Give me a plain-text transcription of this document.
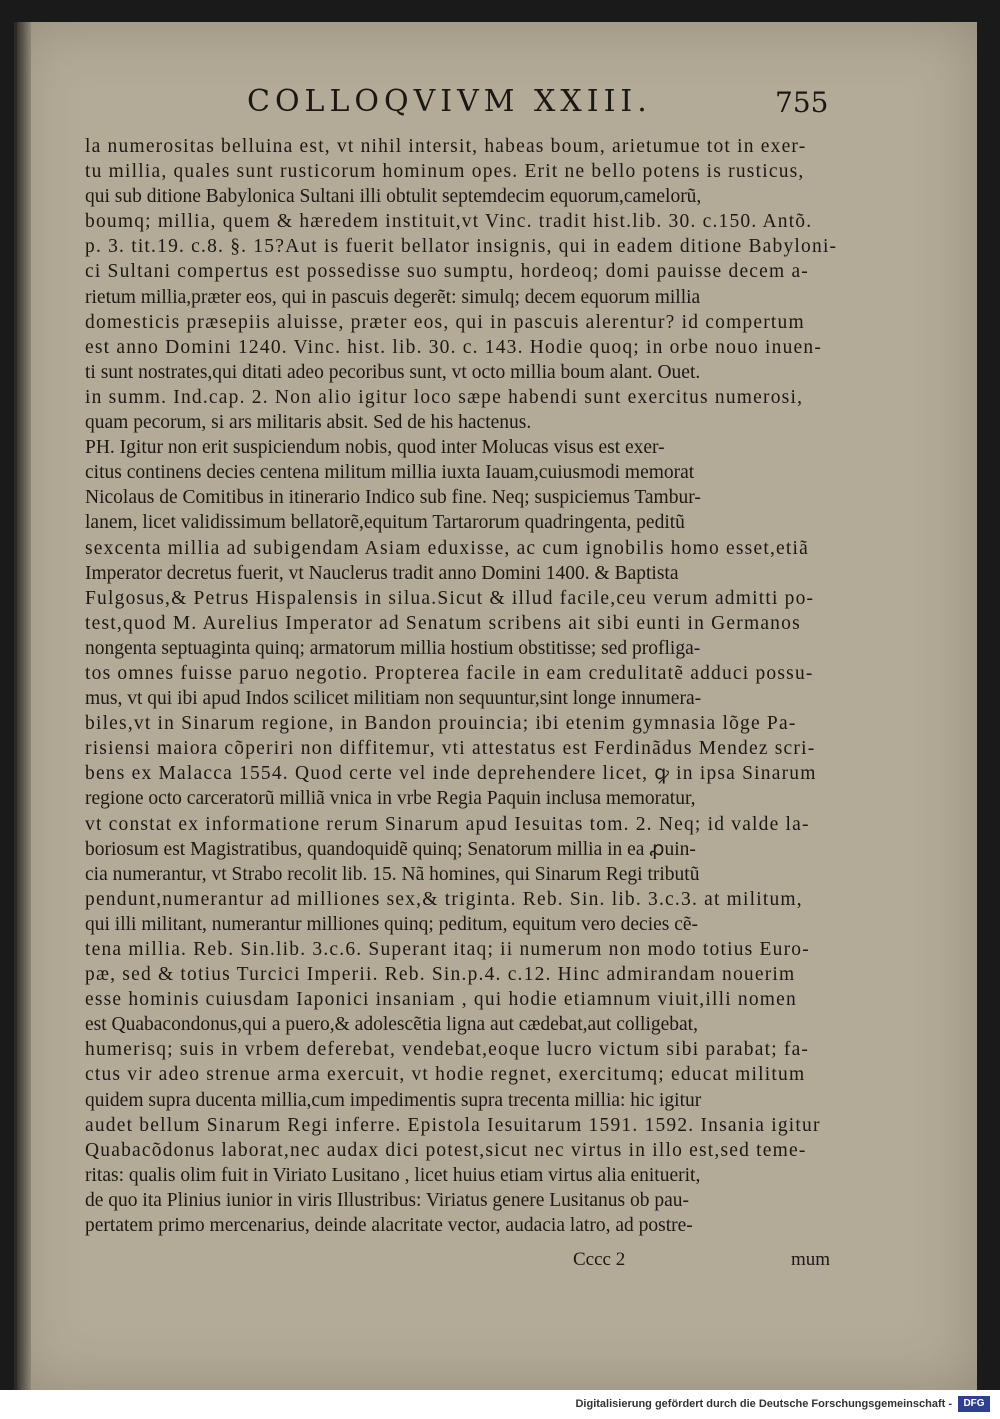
COLLOQVIVM XXIII.	755
la numerositas belluina est, vt nihil intersit, habeas boum, arietumue tot in exer-
tu millia, quales sunt rusticorum hominum opes. Erit ne bello potens is rusticus,
qui sub ditione Babylonica Sultani illi obtulit septemdecim equorum,camelorũ,
boumq; millia, quem & hæredem instituit,vt Vinc. tradit hist.lib. 30. c.150. Antõ.
p. 3. tit.19. c.8. §. 15?Aut is fuerit bellator insignis, qui in eadem ditione Babyloni-
ci Sultani compertus est possedisse suo sumptu, hordeoq; domi pauisse decem a-
rietum millia,præter eos, qui in pascuis degerẽt: simulq; decem equorum millia
domesticis præsepiis aluisse, præter eos, qui in pascuis alerentur? id compertum
est anno Domini 1240. Vinc. hist. lib. 30. c. 143. Hodie quoq; in orbe nouo inuen-
ti sunt nostrates,qui ditati adeo pecoribus sunt, vt octo millia boum alant. Ouet.
in summ. Ind.cap. 2. Non alio igitur loco sæpe habendi sunt exercitus numerosi,
quam pecorum, si ars militaris absit. Sed de his hactenus.
PH. Igitur non erit suspiciendum nobis, quod inter Molucas visus est exer-
citus continens decies centena militum millia iuxta Iauam,cuiusmodi memorat
Nicolaus de Comitibus in itinerario Indico sub fine. Neq; suspiciemus Tambur-
lanem, licet validissimum bellatorẽ,equitum Tartarorum quadringenta, peditũ
sexcenta millia ad subigendam Asiam eduxisse, ac cum ignobilis homo esset,etiã
Imperator decretus fuerit, vt Nauclerus tradit anno Domini 1400. & Baptista
Fulgosus,& Petrus Hispalensis in silua.Sicut & illud facile,ceu verum admitti po-
test,quod M. Aurelius Imperator ad Senatum scribens ait sibi eunti in Germanos
nongenta septuaginta quinq; armatorum millia hostium obstitisse; sed profliga-
tos omnes fuisse paruo negotio. Propterea facile in eam credulitatẽ adduci possu-
mus, vt qui ibi apud Indos scilicet militiam non sequuntur,sint longe innumera-
biles,vt in Sinarum regione, in Bandon prouincia; ibi etenim gymnasia lõge Pa-
risiensi maiora cõperiri non diffitemur, vti attestatus est Ferdinãdus Mendez scri-
bens ex Malacca 1554. Quod certe vel inde deprehendere licet, ꝙ in ipsa Sinarum
regione octo carceratorũ milliã vnica in vrbe Regia Paquin inclusa memoratur,
vt constat ex informatione rerum Sinarum apud Iesuitas tom. 2. Neq; id valde la-
boriosum est Magistratibus, quandoquidẽ quinq; Senatorum millia in ea ꝓuin-
cia numerantur, vt Strabo recolit lib. 15. Nã homines, qui Sinarum Regi tributũ
pendunt,numerantur ad milliones sex,& triginta. Reb. Sin. lib. 3.c.3. at militum,
qui illi militant, numerantur milliones quinq; peditum, equitum vero decies cẽ-
tena millia. Reb. Sin.lib. 3.c.6. Superant itaq; ii numerum non modo totius Euro-
pæ, sed & totius Turcici Imperii. Reb. Sin.p.4. c.12. Hinc admirandam nouerim
esse hominis cuiusdam Iaponici insaniam , qui hodie etiamnum viuit,illi nomen
est Quabacondonus,qui a puero,& adolescẽtia ligna aut cædebat,aut colligebat,
humerisq; suis in vrbem deferebat, vendebat,eoque lucro victum sibi parabat; fa-
ctus vir adeo strenue arma exercuit, vt hodie regnet, exercitumq; educat militum
quidem supra ducenta millia,cum impedimentis supra trecenta millia: hic igitur
audet bellum Sinarum Regi inferre. Epistola Iesuitarum 1591. 1592. Insania igitur
Quabacõdonus laborat,nec audax dici potest,sicut nec virtus in illo est,sed teme-
ritas: qualis olim fuit in Viriato Lusitano , licet huius etiam virtus alia enituerit,
de quo ita Plinius iunior in viris Illustribus: Viriatus genere Lusitanus ob pau-
pertatem primo mercenarius, deinde alacritate vector, audacia latro, ad postre-
Cccc 2	mum
Digitalisierung gefördert durch die Deutsche Forschungsgemeinschaft -	DFG
